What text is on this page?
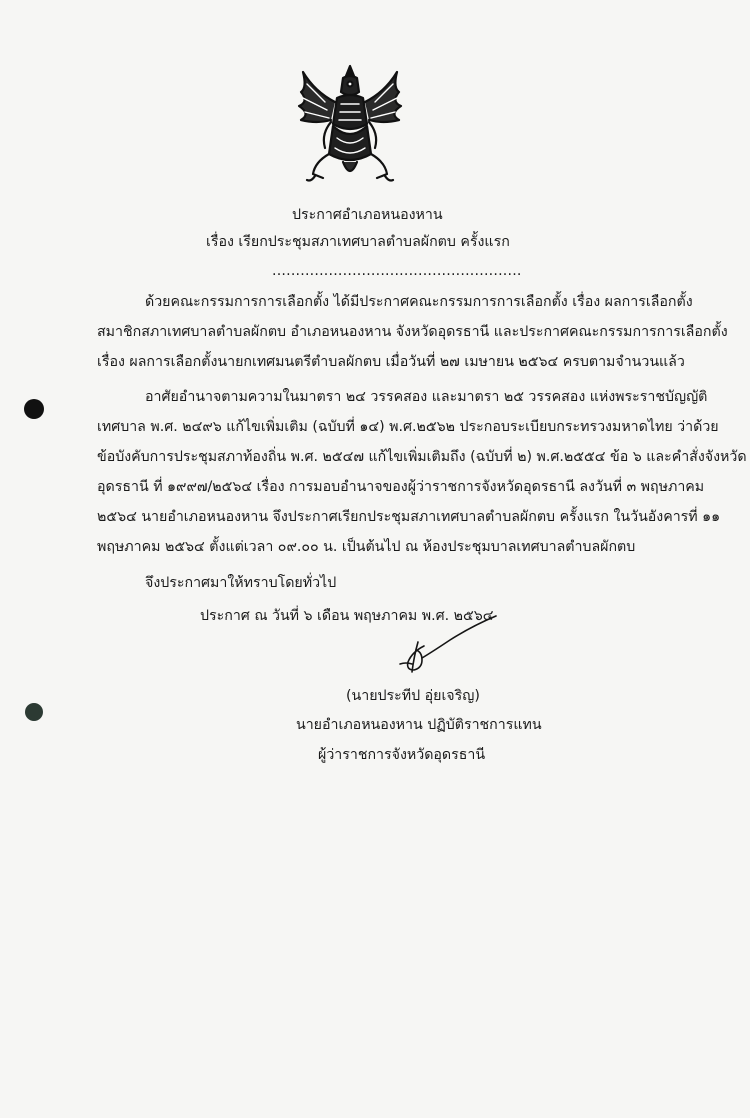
ประกาศอำเภอหนองหาน
เรื่อง เรียกประชุมสภาเทศบาลตำบลผักตบ ครั้งแรก
.....................................................
ด้วยคณะกรรมการการเลือกตั้ง ได้มีประกาศคณะกรรมการการเลือกตั้ง เรื่อง ผลการเลือกตั้ง
สมาชิกสภาเทศบาลตำบลผักตบ อำเภอหนองหาน จังหวัดอุดรธานี และประกาศคณะกรรมการการเลือกตั้ง
เรื่อง ผลการเลือกตั้งนายกเทศมนตรีตำบลผักตบ เมื่อวันที่ ๒๗ เมษายน ๒๕๖๔ ครบตามจำนวนแล้ว
อาศัยอำนาจตามความในมาตรา ๒๔ วรรคสอง และมาตรา ๒๕ วรรคสอง แห่งพระราชบัญญัติ
เทศบาล พ.ศ. ๒๔๙๖ แก้ไขเพิ่มเติม (ฉบับที่ ๑๔) พ.ศ.๒๕๖๒ ประกอบระเบียบกระทรวงมหาดไทย ว่าด้วย
ข้อบังคับการประชุมสภาท้องถิ่น พ.ศ. ๒๕๔๗ แก้ไขเพิ่มเติมถึง (ฉบับที่ ๒) พ.ศ.๒๕๕๔ ข้อ ๖ และคำสั่งจังหวัด
อุดรธานี ที่ ๑๙๙๗/๒๕๖๔ เรื่อง การมอบอำนาจของผู้ว่าราชการจังหวัดอุดรธานี ลงวันที่ ๓ พฤษภาคม
๒๕๖๔ นายอำเภอหนองหาน จึงประกาศเรียกประชุมสภาเทศบาลตำบลผักตบ ครั้งแรก ในวันอังคารที่ ๑๑
พฤษภาคม ๒๕๖๔ ตั้งแต่เวลา ๐๙.๐๐ น. เป็นต้นไป ณ ห้องประชุมบาลเทศบาลตำบลผักตบ
จึงประกาศมาให้ทราบโดยทั่วไป
ประกาศ ณ วันที่ ๖ เดือน พฤษภาคม พ.ศ. ๒๕๖๔
(นายประทีป อุ่ยเจริญ)
นายอำเภอหนองหาน ปฏิบัติราชการแทน
ผู้ว่าราชการจังหวัดอุดรธานี
